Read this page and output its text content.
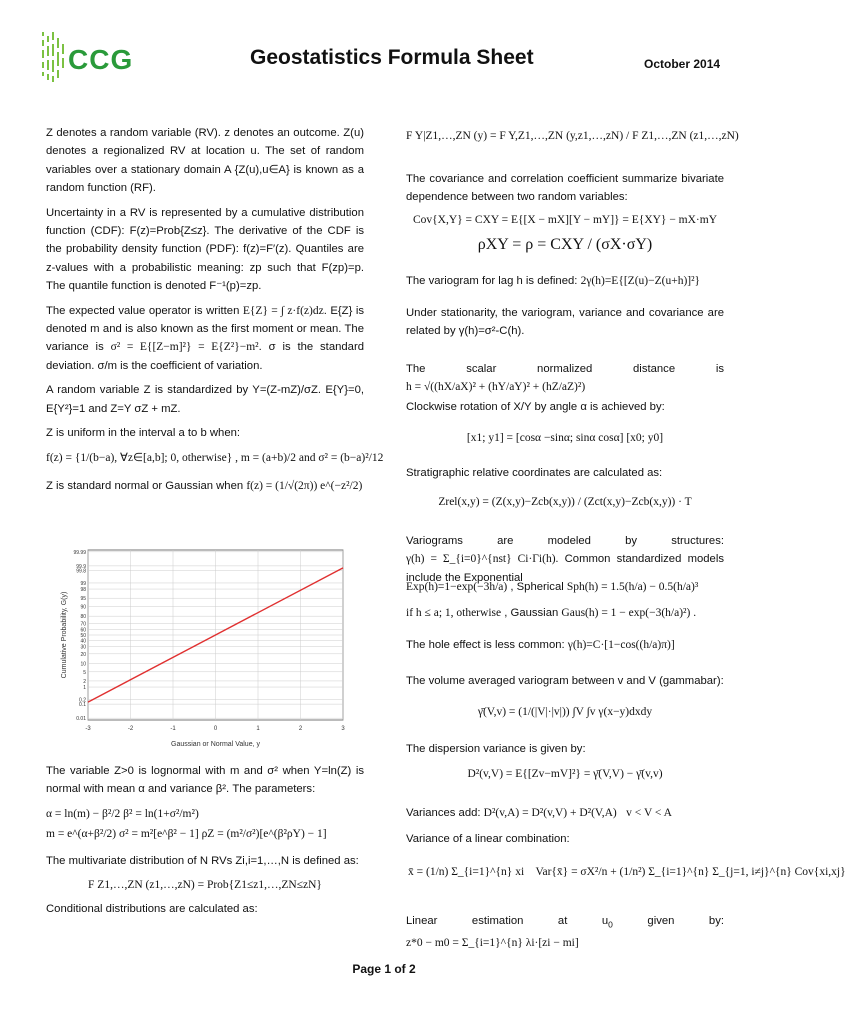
CCG	Geostatistics Formula Sheet	October 2014

Z denotes a random variable (RV). z denotes an outcome. Z(u) denotes a regionalized RV at location u. The set of random variables over a stationary domain A {Z(u),u∈A} is known as a random function (RF).

Uncertainty in a RV is represented by a cumulative distribution function (CDF): F(z)=Prob{Z≤z}. The derivative of the CDF is the probability density function (PDF): f(z)=F′(z). Quantiles are z-values with a probabilistic meaning: zp such that F(zp)=p. The quantile function is denoted F⁻¹(p)=zp.

The expected value operator is written E{Z} = ∫ z·f(z)dz. E{Z} is denoted m and is also known as the first moment or mean. The variance is σ² = E{[Z−m]²} = E{Z²}−m². σ is the standard deviation. σ/m is the coefficient of variation.

A random variable Z is standardized by Y=(Z-mZ)/σZ. E{Y}=0, E{Y²}=1 and Z=Y σZ + mZ.

Z is uniform in the interval a to b when:

f(z) = {1/(b−a), ∀z∈[a,b]; 0, otherwise} , m = (a+b)/2 and σ² = (b−a)²/12

Z is standard normal or Gaussian when f(z) = (1/√(2π)) e^(−z²/2)

-3	-2	-1	0	1	2	3
0.01
0.1
0.2
1
2
5
10
20
30
40
50
60
70
80
90
95
98
99
99.8
99.9
99.99
Gaussian or Normal Value, y
Cumulative Probability, G(y)

The variable Z>0 is lognormal with m and σ² when Y=ln(Z) is normal with mean α and variance β². The parameters:

α = ln(m) − β²/2 β² = ln(1+σ²/m²)
m = e^(α+β²/2) σ² = m²[e^β² − 1] ρZ = (m²/σ²)[e^(β²ρY) − 1]

The multivariate distribution of N RVs Zi,i=1,…,N is defined as:

F Z1,…,ZN (z1,…,zN) = Prob{Z1≤z1,…,ZN≤zN}

Conditional distributions are calculated as:

F Y|Z1,…,ZN (y) = F Y,Z1,…,ZN (y,z1,…,zN) / F Z1,…,ZN (z1,…,zN)
The covariance and correlation coefficient summarize bivariate dependence between two random variables:
Cov{X,Y} = CXY = E{[X − mX][Y − mY]} = E{XY} − mX·mY
ρXY = ρ = CXY / (σX·σY)
The variogram for lag h is defined: 2γ(h)=E{[Z(u)−Z(u+h)]²}
Under stationarity, the variogram, variance and covariance are related by γ(h)=σ²-C(h).
The scalar normalized distance is h = √((hX/aX)² + (hY/aY)² + (hZ/aZ)²)
Clockwise rotation of X/Y by angle α is achieved by:
[x1; y1] = [cosα −sinα; sinα cosα] [x0; y0]
Stratigraphic relative coordinates are calculated as:
Zrel(x,y) = (Z(x,y)−Zcb(x,y)) / (Zct(x,y)−Zcb(x,y)) · T
Variograms are modeled by structures: γ(h) = Σ_{i=0}^{nst} Ci·Γi(h). Common standardized models include the Exponential
Exp(h)=1−exp(−3h/a) , Spherical Sph(h) = 1.5(h/a) − 0.5(h/a)³
if h ≤ a; 1, otherwise , Gaussian Gaus(h) = 1 − exp(−3(h/a)²) .
The hole effect is less common: γ(h)=C·[1−cos((h/a)π)]
The volume averaged variogram between v and V (gammabar):
γ̄(V,v) = (1/(|V|·|v|)) ∫V ∫v γ(x−y)dxdy
The dispersion variance is given by:
D²(v,V) = E{[Zv−mV]²} = γ̄(V,V) − γ̄(v,v)
Variances add: D²(v,A) = D²(v,V) + D²(V,A) v < V < A
Variance of a linear combination:
x̄ = (1/n) Σ_{i=1}^{n} xi Var{x̄} = σX²/n + (1/n²) Σ_{i=1}^{n} Σ_{j=1, i≠j}^{n} Cov{xi,xj}
Linear estimation at $u_0$	given by: z*0 − m0 = Σ_{i=1}^{n} λi·[zi − mi]
Page 1 of 2
